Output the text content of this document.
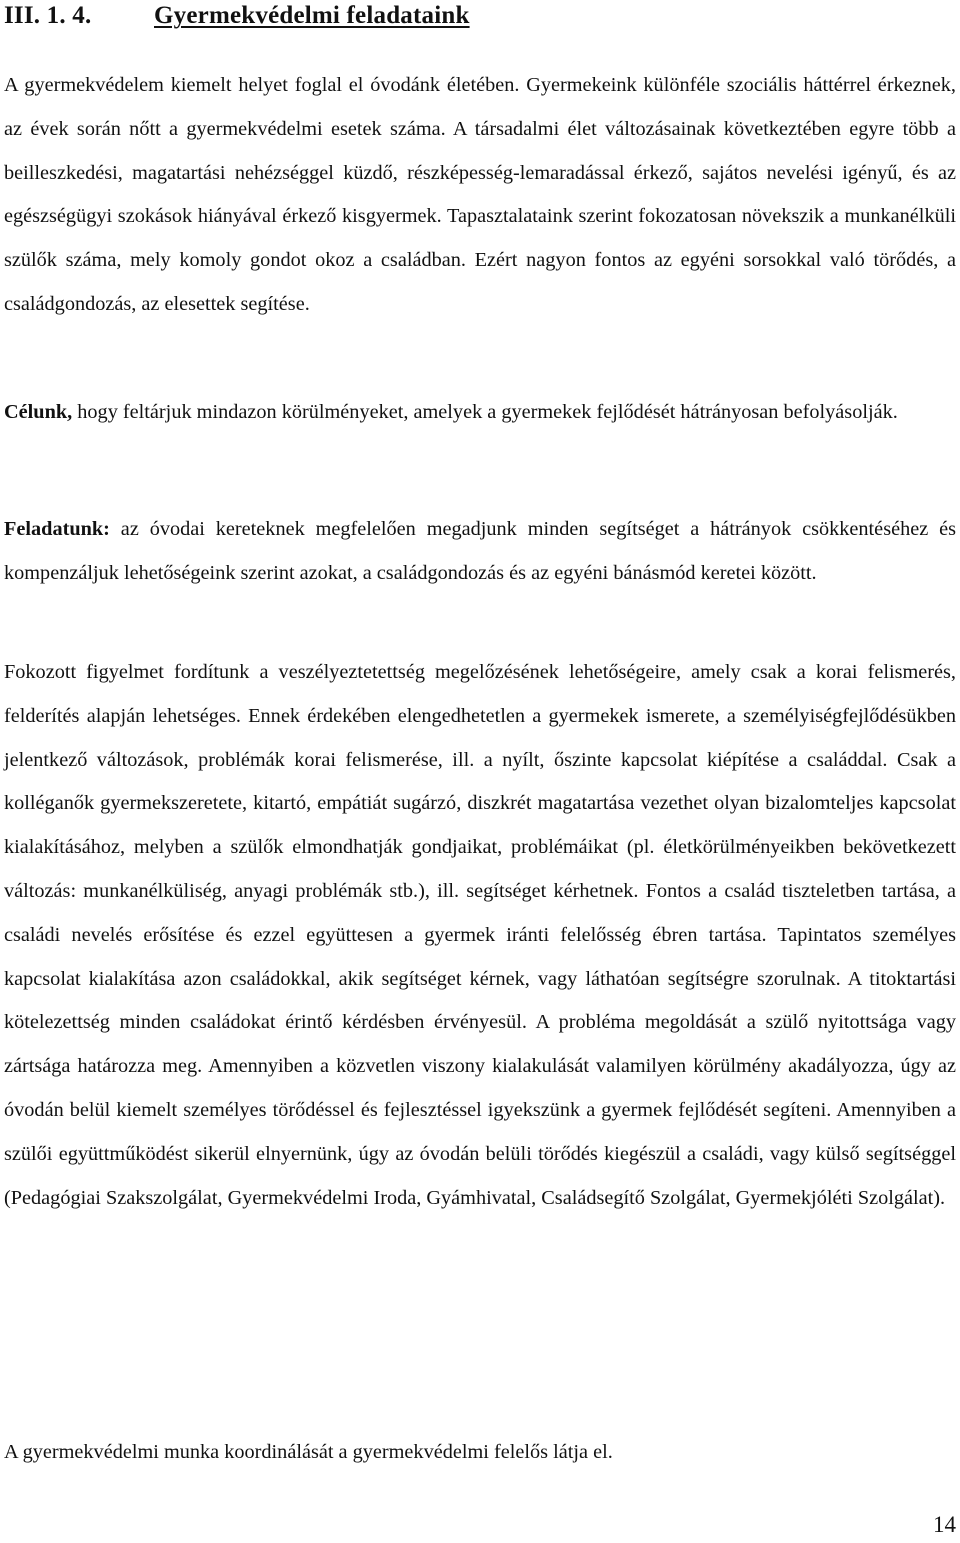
III. 1. 4.	Gyermekvédelmi feladataink

A gyermekvédelem kiemelt helyet foglal el óvodánk életében. Gyermekeink különféle szociális háttérrel érkeznek, az évek során nőtt a gyermekvédelmi esetek száma. A társadalmi élet változásainak következtében egyre több a beilleszkedési, magatartási nehézséggel küzdő, részképesség-lemaradással érkező, sajátos nevelési igényű, és az egészségügyi szokások hiányával érkező kisgyermek. Tapasztalataink szerint fokozatosan növekszik a munkanélküli szülők száma, mely komoly gondot okoz a családban. Ezért nagyon fontos az egyéni sorsokkal való törődés, a családgondozás, az elesettek segítése.

Célunk, hogy feltárjuk mindazon körülményeket, amelyek a gyermekek fejlődését hátrányosan befolyásolják.

Feladatunk: az óvodai kereteknek megfelelően megadjunk minden segítséget a hátrányok csökkentéséhez és kompenzáljuk lehetőségeink szerint azokat, a családgondozás és az egyéni bánásmód keretei között.

Fokozott figyelmet fordítunk a veszélyeztetettség megelőzésének lehetőségeire, amely csak a korai felismerés, felderítés alapján lehetséges. Ennek érdekében elengedhetetlen a gyermekek ismerete, a személyiségfejlődésükben jelentkező változások, problémák korai felismerése, ill. a nyílt, őszinte kapcsolat kiépítése a családdal. Csak a kolléganők gyermekszeretete, kitartó, empátiát sugárzó, diszkrét magatartása vezethet olyan bizalomteljes kapcsolat kialakításához, melyben a szülők elmondhatják gondjaikat, problémáikat (pl. életkörülményeikben bekövetkezett változás: munkanélküliség, anyagi problémák stb.), ill. segítséget kérhetnek. Fontos a család tiszteletben tartása, a családi nevelés erősítése és ezzel együttesen a gyermek iránti felelősség ébren tartása. Tapintatos személyes kapcsolat kialakítása azon családokkal, akik segítséget kérnek, vagy láthatóan segítségre szorulnak. A titoktartási kötelezettség minden családokat érintő kérdésben érvényesül. A probléma megoldását a szülő nyitottsága vagy zártsága határozza meg. Amennyiben a közvetlen viszony kialakulását valamilyen körülmény akadályozza, úgy az óvodán belül kiemelt személyes törődéssel és fejlesztéssel igyekszünk a gyermek fejlődését segíteni. Amennyiben a szülői együttműködést sikerül elnyernünk, úgy az óvodán belüli törődés kiegészül a családi, vagy külső segítséggel (Pedagógiai Szakszolgálat, Gyermekvédelmi Iroda, Gyámhivatal, Családsegítő Szolgálat, Gyermekjóléti Szolgálat).

A gyermekvédelmi munka koordinálását a gyermekvédelmi felelős látja el.

14
